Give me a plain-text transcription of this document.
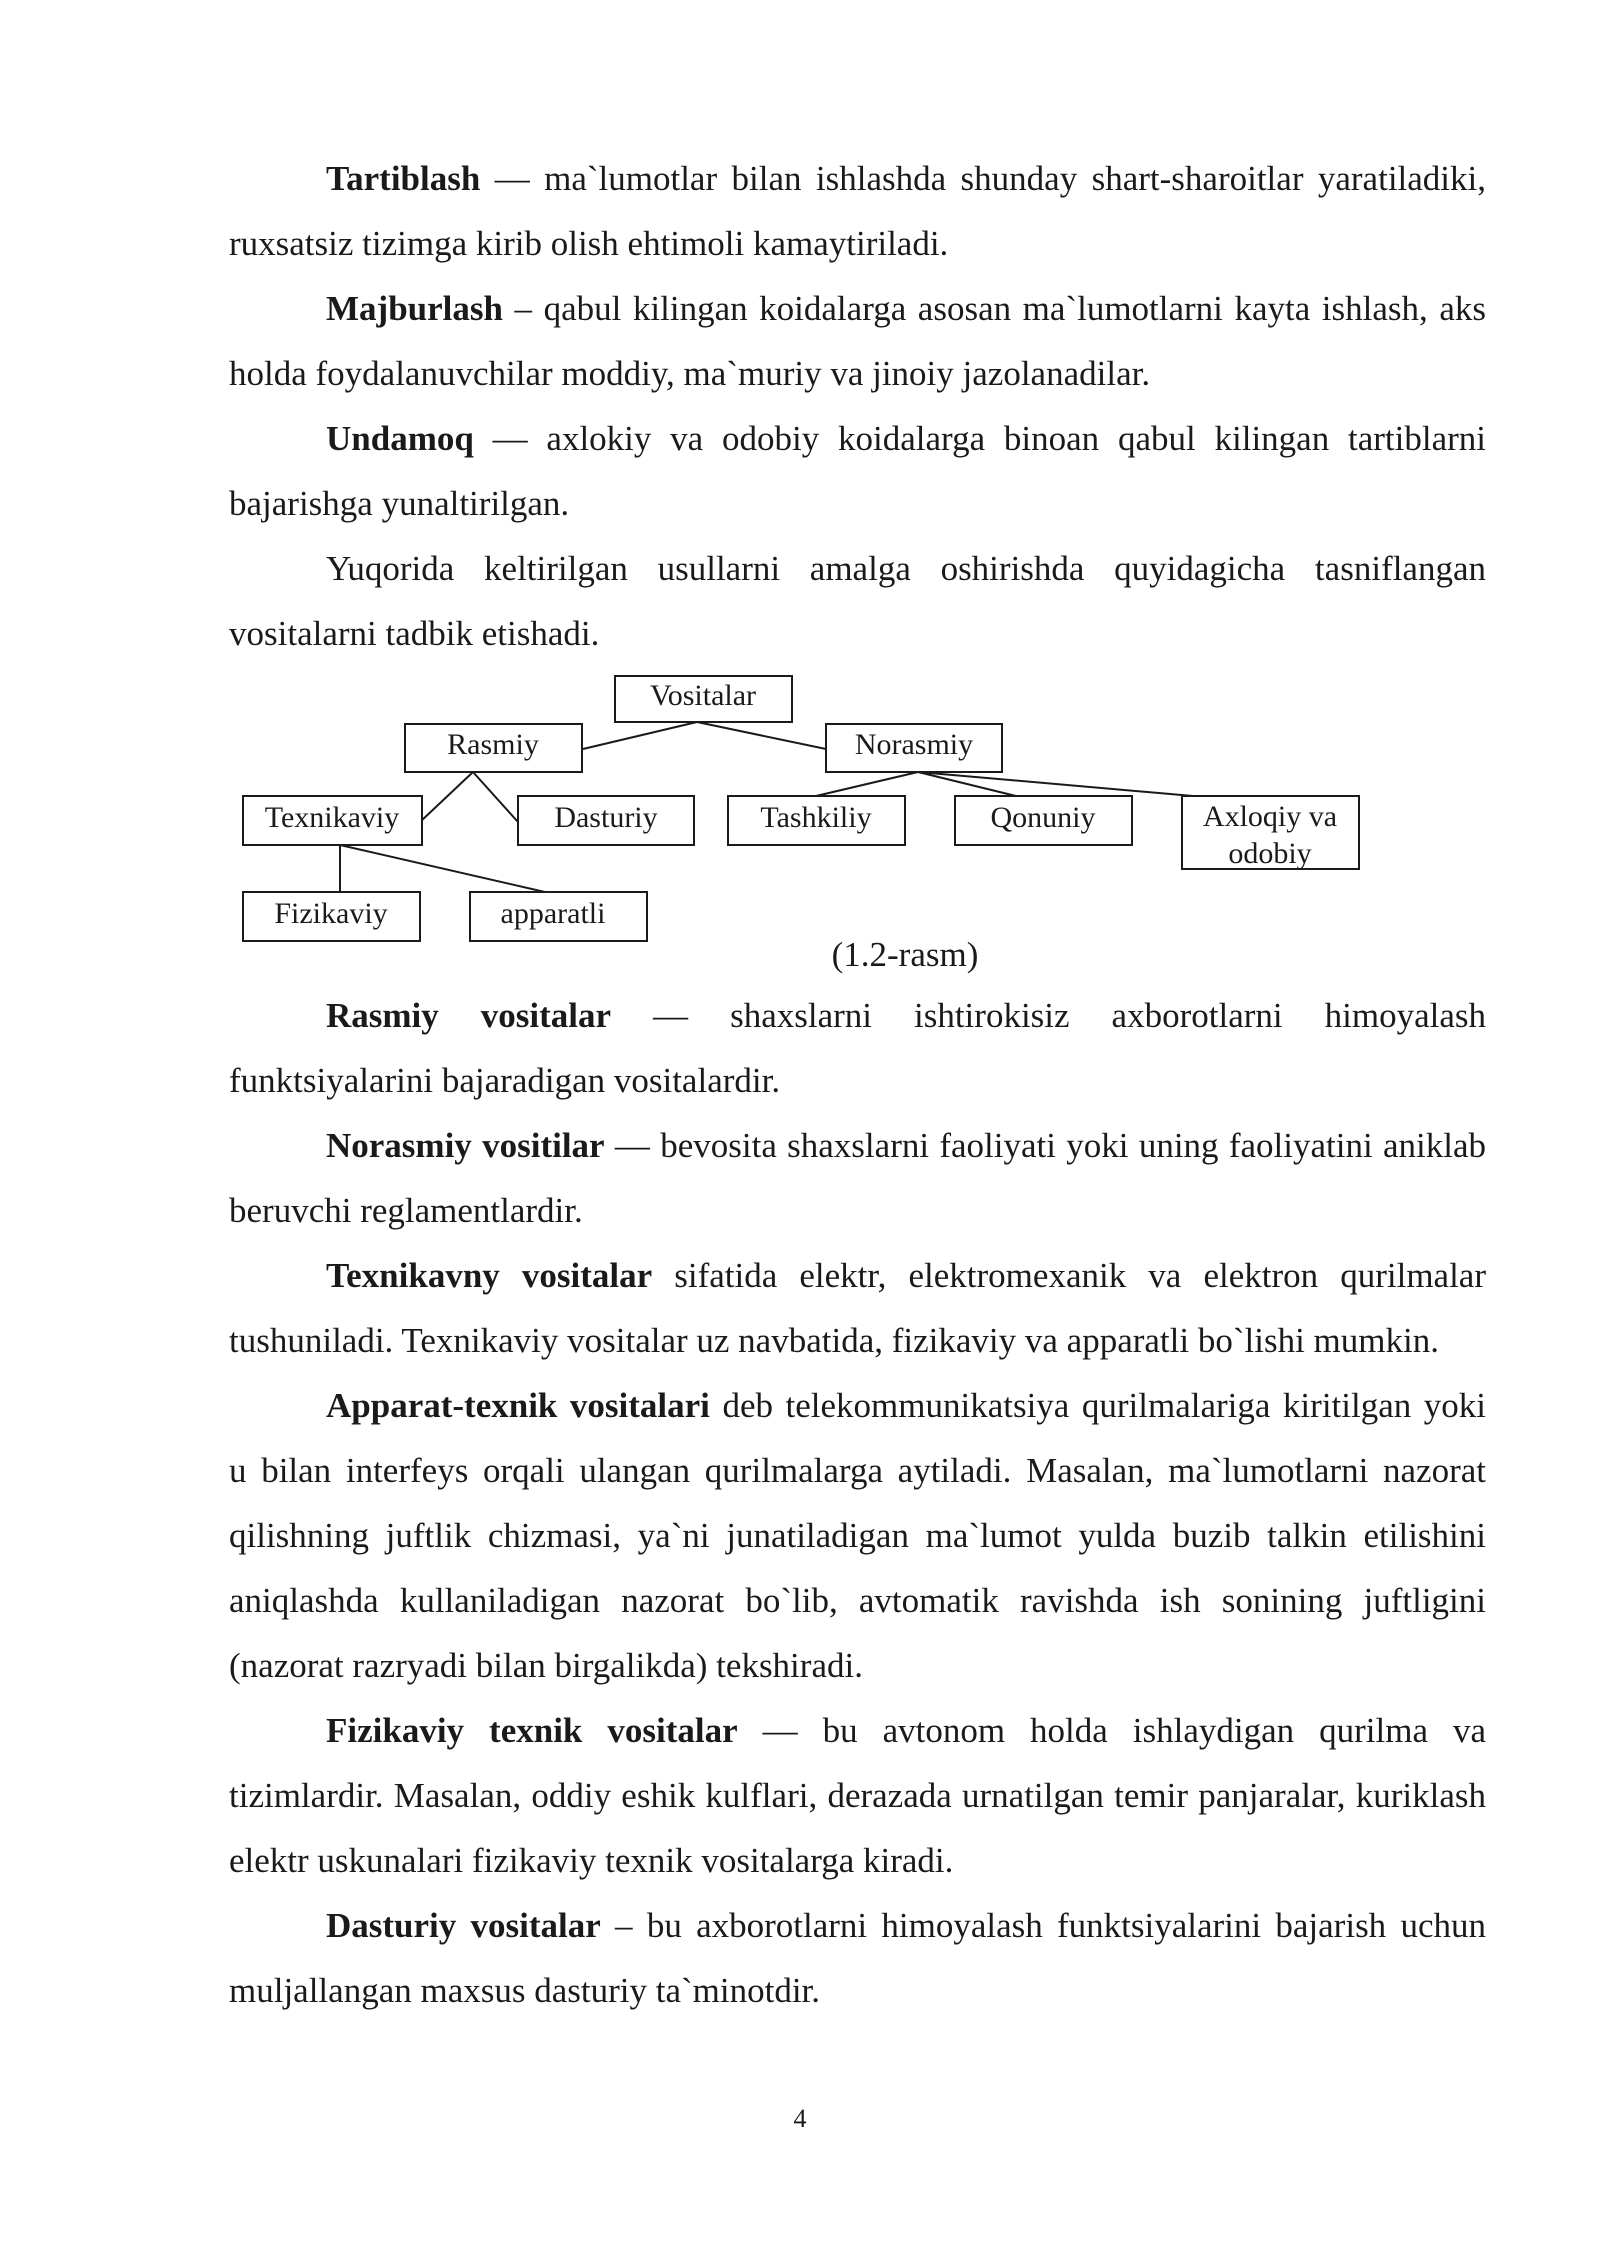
Tartiblash — ma`lumotlar bilan ishlashda shunday shart-sharoitlar yaratiladiki, ruxsatsiz tizimga kirib olish ehtimoli kamaytiriladi.

Majburlash – qabul kilingan koidalarga asosan ma`lumotlarni kayta ishlash, aks holda foydalanuvchilar moddiy, ma`muriy va jinoiy jazolanadilar.

Undamoq — axlokiy va odobiy koidalarga binoan qabul kilingan tartiblarni bajarishga yunaltirilgan.

Yuqorida keltirilgan usullarni amalga oshirishda quyidagicha tasniflangan vositalarni tadbik etishadi.

Vositalar
Rasmiy	Norasmiy
Texnikaviy	Dasturiy	Tashkiliy	Qonuniy	Axloqiy va
odobiy
Fizikaviy	apparatli
(1.2-rasm)

Rasmiy vositalar — shaxslarni ishtirokisiz axborotlarni himoyalash funktsiyalarini bajaradigan vositalardir.

Norasmiy vositilar — bevosita shaxslarni faoliyati yoki uning faoliyatini aniklab beruvchi reglamentlardir.

Texnikavny vositalar sifatida elektr, elektromexanik va elektron qurilmalar tushuniladi. Texnikaviy vositalar uz navbatida, fizikaviy va apparatli bo`lishi mumkin.

Apparat-texnik vositalari deb telekommunikatsiya qurilmalariga kiritilgan yoki u bilan interfeys orqali ulangan qurilmalarga aytiladi. Masalan, ma`lumotlarni nazorat qilishning juftlik chizmasi, ya`ni junatiladigan ma`lumot yulda buzib talkin etilishini aniqlashda kullaniladigan nazorat bo`lib, avtomatik ravishda ish sonining juftligini (nazorat razryadi bilan birgalikda) tekshiradi.

Fizikaviy texnik vositalar — bu avtonom holda ishlaydigan qurilma va tizimlardir. Masalan, oddiy eshik kulflari, derazada urnatilgan temir panjaralar, kuriklash elektr uskunalari fizikaviy texnik vositalarga kiradi.

Dasturiy vositalar – bu axborotlarni himoyalash funktsiyalarini bajarish uchun muljallangan maxsus dasturiy ta`minotdir.

4
